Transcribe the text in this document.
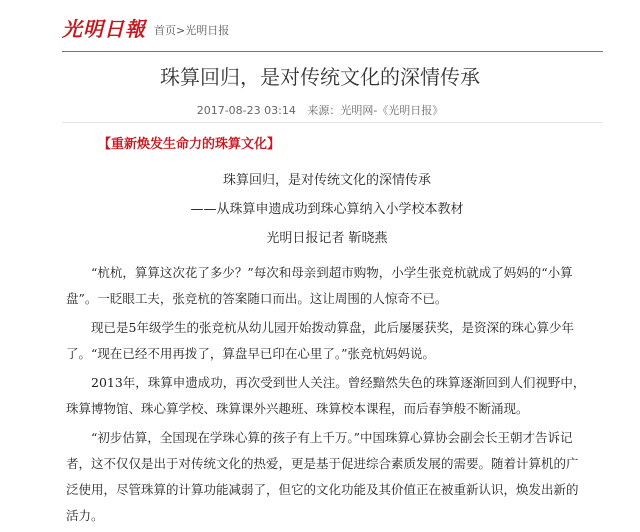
光明日報 首页>光明日报
珠算回归，是对传统文化的深情传承
2017-08-23 03:14 来源：光明网-《光明日报》
【重新焕发生命力的珠算文化】
珠算回归，是对传统文化的深情传承
——从珠算申遗成功到珠心算纳入小学校本教材
光明日报记者 靳晓燕

“杭杭，算算这次花了多少？”每次和母亲到超市购物，小学生张竞杭就成了妈妈的“小算盘”。一眨眼工夫，张竞杭的答案随口而出。这让周围的人惊奇不已。

现已是5年级学生的张竞杭从幼儿园开始拨动算盘，此后屡屡获奖，是资深的珠心算少年了。“现在已经不用再拨了，算盘早已印在心里了。”张竞杭妈妈说。

2013年，珠算申遗成功，再次受到世人关注。曾经黯然失色的珠算逐渐回到人们视野中，珠算博物馆、珠心算学校、珠算课外兴趣班、珠算校本课程，而后春笋般不断涌现。

“初步估算，全国现在学珠心算的孩子有上千万。”中国珠算心算协会副会长王朝才告诉记者，这不仅仅是出于对传统文化的热爱，更是基于促进综合素质发展的需要。随着计算机的广泛使用，尽管珠算的计算功能减弱了，但它的文化功能及其价值正在被重新认识，焕发出新的活力。
